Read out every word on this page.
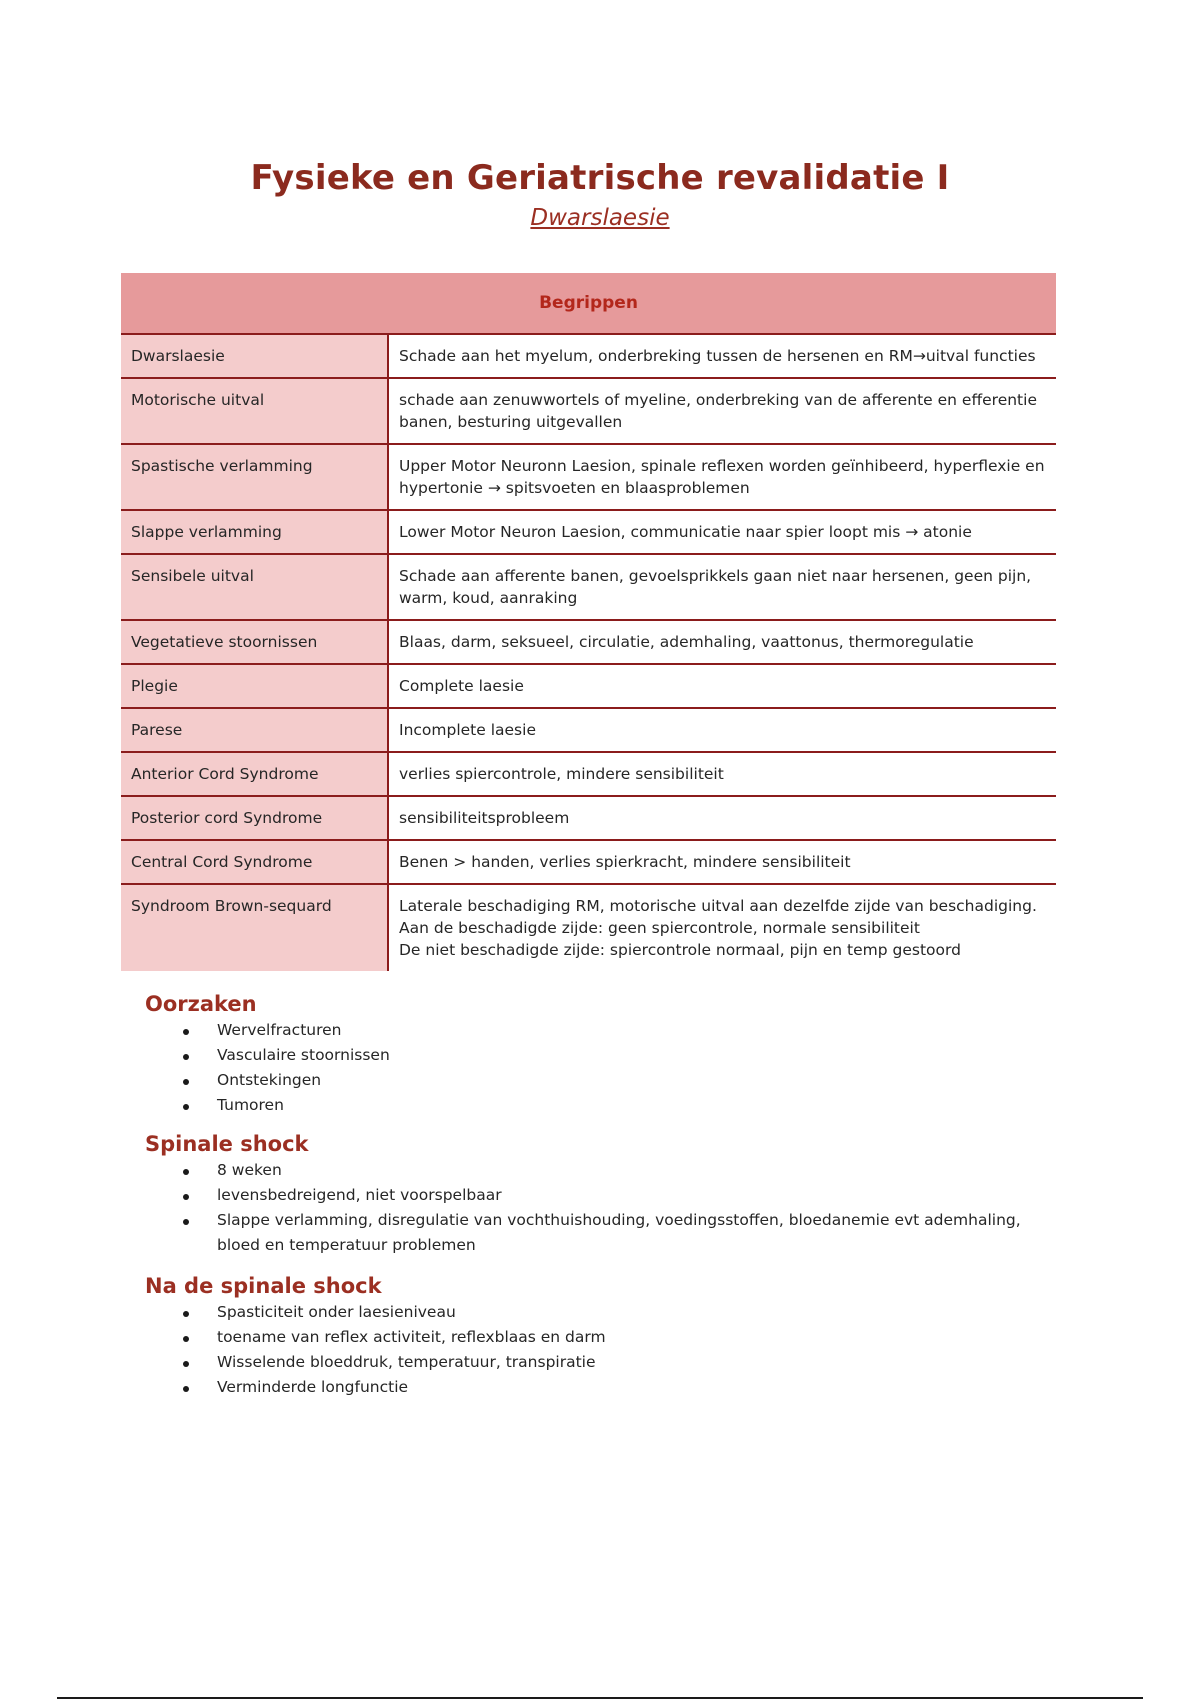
Fysieke en Geriatrische revalidatie I
Dwarslaesie
Begrippen	
Dwarslaesie	Schade aan het myelum, onderbreking tussen de hersenen en RM→uitval functies
Motorische uitval	schade aan zenuwwortels of myeline, onderbreking van de afferente en efferentie banen, besturing uitgevallen
Spastische verlamming	Upper Motor Neuronn Laesion, spinale reflexen worden geïnhibeerd, hyperflexie en hypertonie → spitsvoeten en blaasproblemen
Slappe verlamming	Lower Motor Neuron Laesion, communicatie naar spier loopt mis → atonie
Sensibele uitval	Schade aan afferente banen, gevoelsprikkels gaan niet naar hersenen, geen pijn, warm, koud, aanraking
Vegetatieve stoornissen	Blaas, darm, seksueel, circulatie, ademhaling, vaattonus, thermoregulatie
Plegie	Complete laesie
Parese	Incomplete laesie
Anterior Cord Syndrome	verlies spiercontrole, mindere sensibiliteit
Posterior cord Syndrome	sensibiliteitsprobleem
Central Cord Syndrome	Benen > handen, verlies spierkracht, mindere sensibiliteit
Syndroom Brown-sequard	Laterale beschadiging RM, motorische uitval aan dezelfde zijde van beschadiging. Aan de beschadigde zijde: geen spiercontrole, normale sensibiliteit
De niet beschadigde zijde: spiercontrole normaal, pijn en temp gestoord
Oorzaken
Wervelfracturen
Vasculaire stoornissen
Ontstekingen
Tumoren
Spinale shock
8 weken
levensbedreigend, niet voorspelbaar
Slappe verlamming, disregulatie van vochthuishouding, voedingsstoffen, bloedanemie evt ademhaling, bloed en temperatuur problemen
Na de spinale shock
Spasticiteit onder laesieniveau
toename van reflex activiteit, reflexblaas en darm
Wisselende bloeddruk, temperatuur, transpiratie
Verminderde longfunctie
